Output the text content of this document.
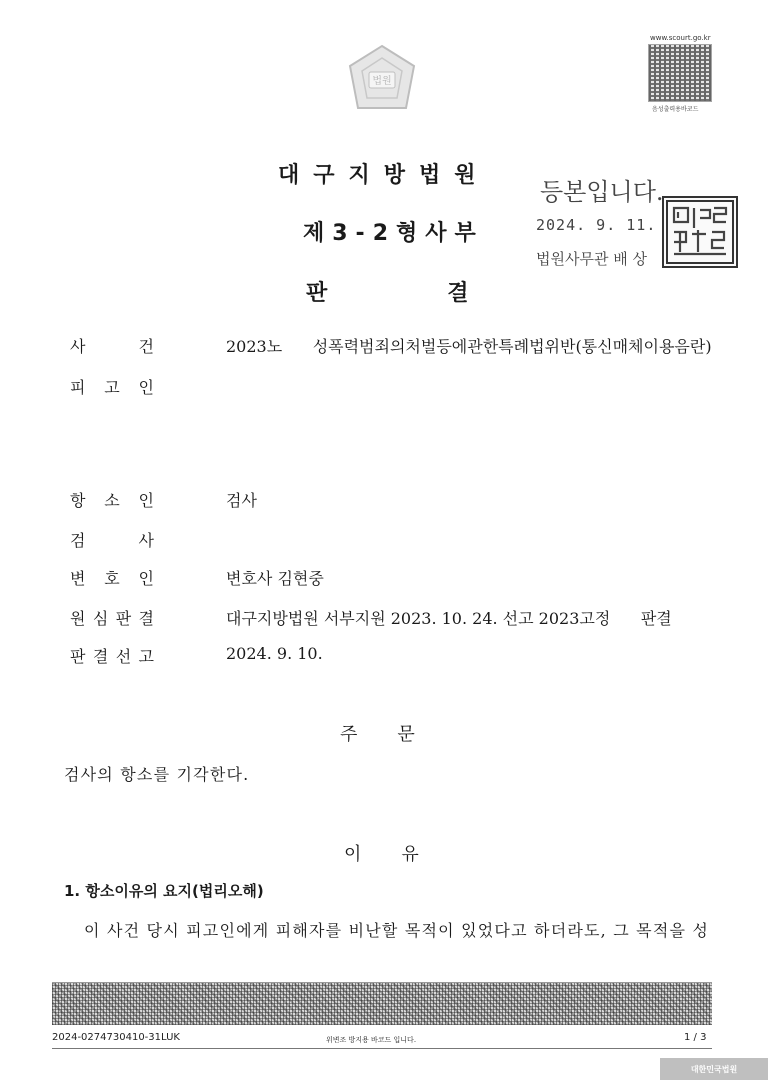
법원
www.scourt.go.kr
음성출력용바코드
대구지방법원
제3-2형사부
판결
등본입니다.
2024. 9. 11.
법원사무관 배 상
사	건	2023노      성폭력범죄의처벌등에관한특례법위반(통신매체이용음란)
피 고 인
항 소 인	검사
검	사
변 호 인	변호사 김현중
원 심 판 결	대구지방법원 서부지원 2023. 10. 24. 선고 2023고정      판결
판 결 선 고	2024. 9. 10.
주문
검사의 항소를 기각한다.
이유
1. 항소이유의 요지(법리오해)
이 사건 당시 피고인에게 피해자를 비난할 목적이 있었다고 하더라도, 그 목적을 성
2024-0274730410-31LUK	위변조 방지용 바코드 입니다.	1 / 3
대한민국법원
